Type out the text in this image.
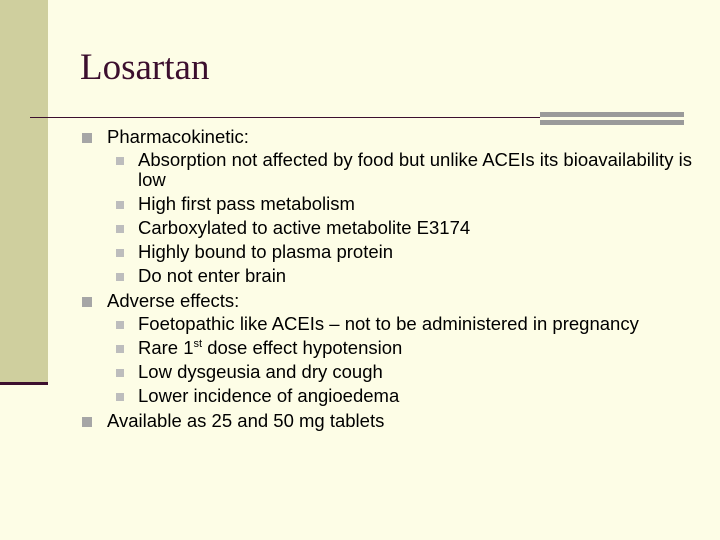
Losartan
Pharmacokinetic:
Absorption not affected by food but unlike ACEIs its bioavailability is low
High first pass metabolism
Carboxylated to active metabolite E3174
Highly bound to plasma protein
Do not enter brain
Adverse effects:
Foetopathic like ACEIs – not to be administered in pregnancy
Rare 1st dose effect hypotension
Low dysgeusia and dry cough
Lower incidence of angioedema
Available as 25 and 50 mg tablets
